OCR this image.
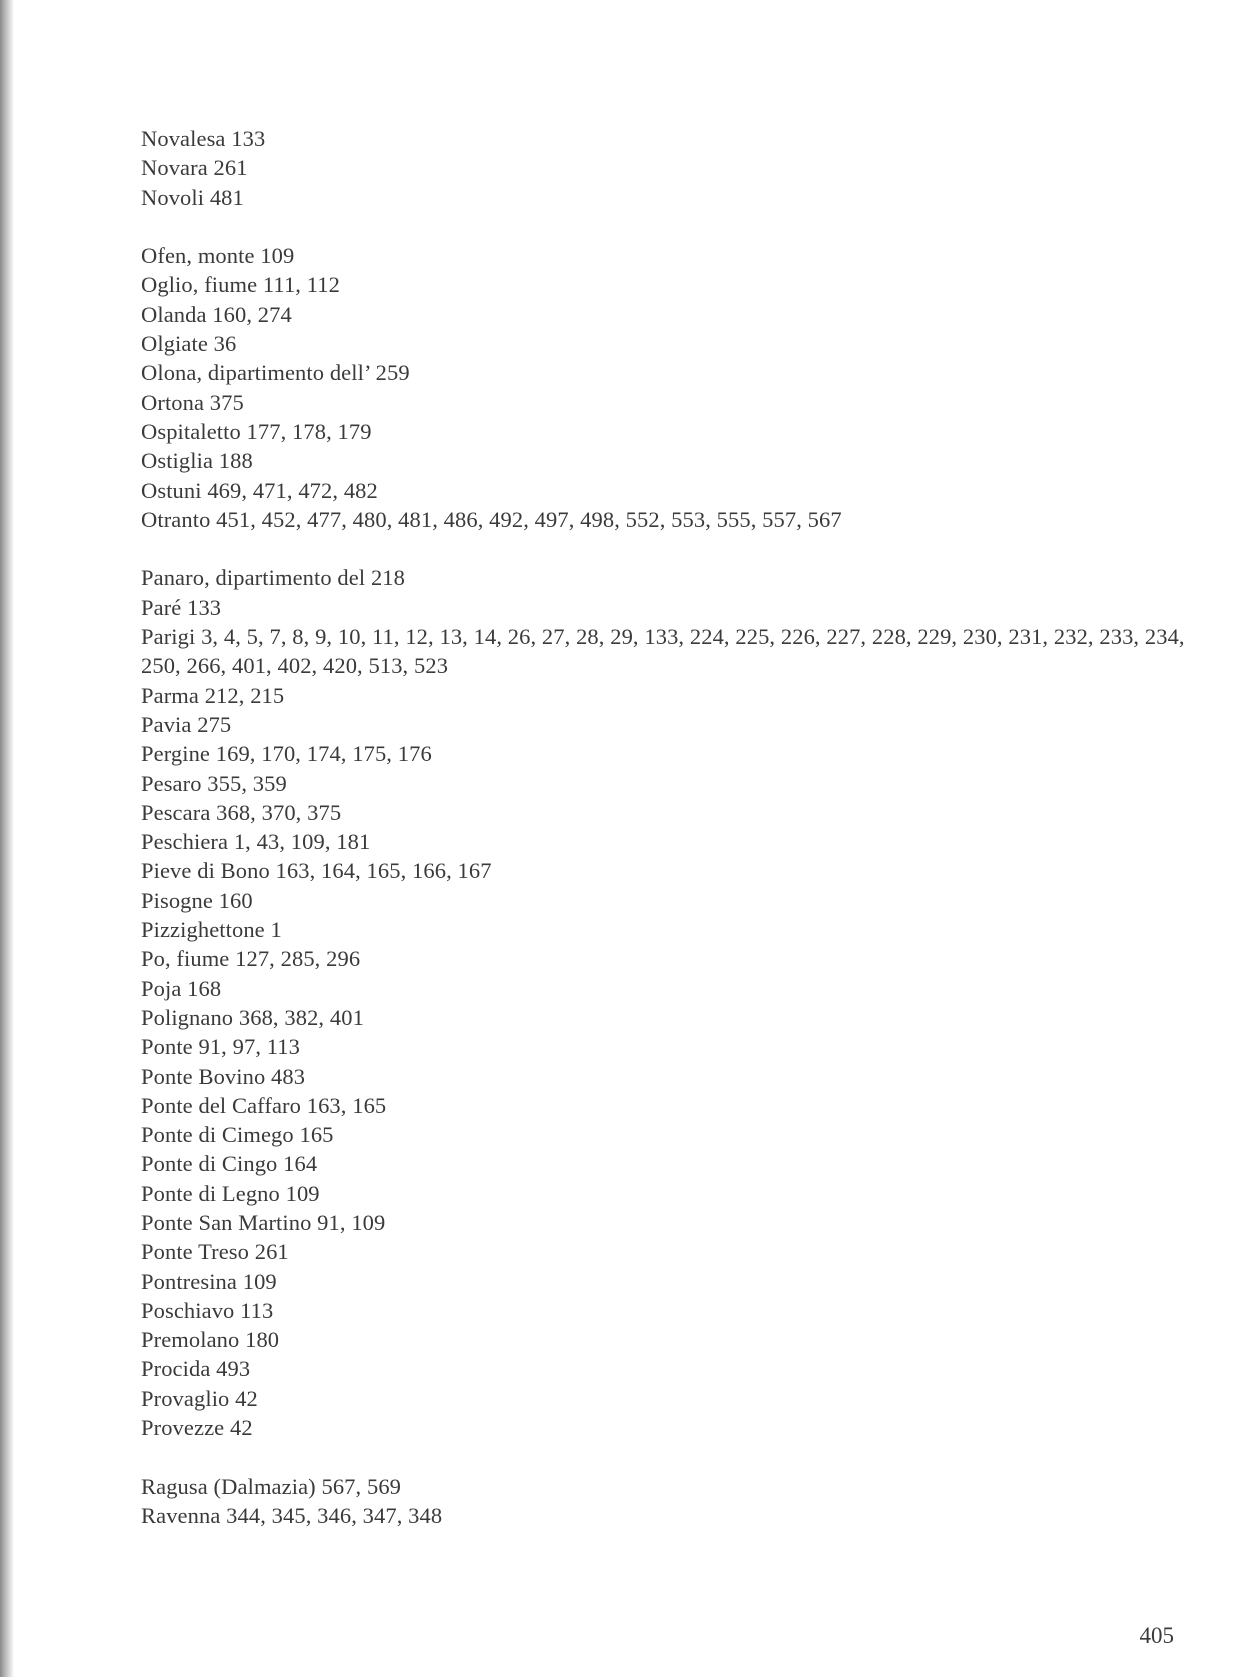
Novalesa 133
Novara 261
Novoli 481
Ofen, monte 109
Oglio, fiume 111, 112
Olanda 160, 274
Olgiate 36
Olona, dipartimento dell’ 259
Ortona 375
Ospitaletto 177, 178, 179
Ostiglia 188
Ostuni 469, 471, 472, 482
Otranto 451, 452, 477, 480, 481, 486, 492, 497, 498, 552, 553, 555, 557, 567
Panaro, dipartimento del 218
Paré 133
Parigi 3, 4, 5, 7, 8, 9, 10, 11, 12, 13, 14, 26, 27, 28, 29, 133, 224, 225, 226, 227, 228, 229, 230, 231, 232, 233, 234, 250, 266, 401, 402, 420, 513, 523
Parma 212, 215
Pavia 275
Pergine 169, 170, 174, 175, 176
Pesaro 355, 359
Pescara 368, 370, 375
Peschiera 1, 43, 109, 181
Pieve di Bono 163, 164, 165, 166, 167
Pisogne 160
Pizzighettone 1
Po, fiume 127, 285, 296
Poja 168
Polignano 368, 382, 401
Ponte 91, 97, 113
Ponte Bovino 483
Ponte del Caffaro 163, 165
Ponte di Cimego 165
Ponte di Cingo 164
Ponte di Legno 109
Ponte San Martino 91, 109
Ponte Treso 261
Pontresina 109
Poschiavo 113
Premolano 180
Procida 493
Provaglio 42
Provezze 42
Ragusa (Dalmazia) 567, 569
Ravenna 344, 345, 346, 347, 348
405
